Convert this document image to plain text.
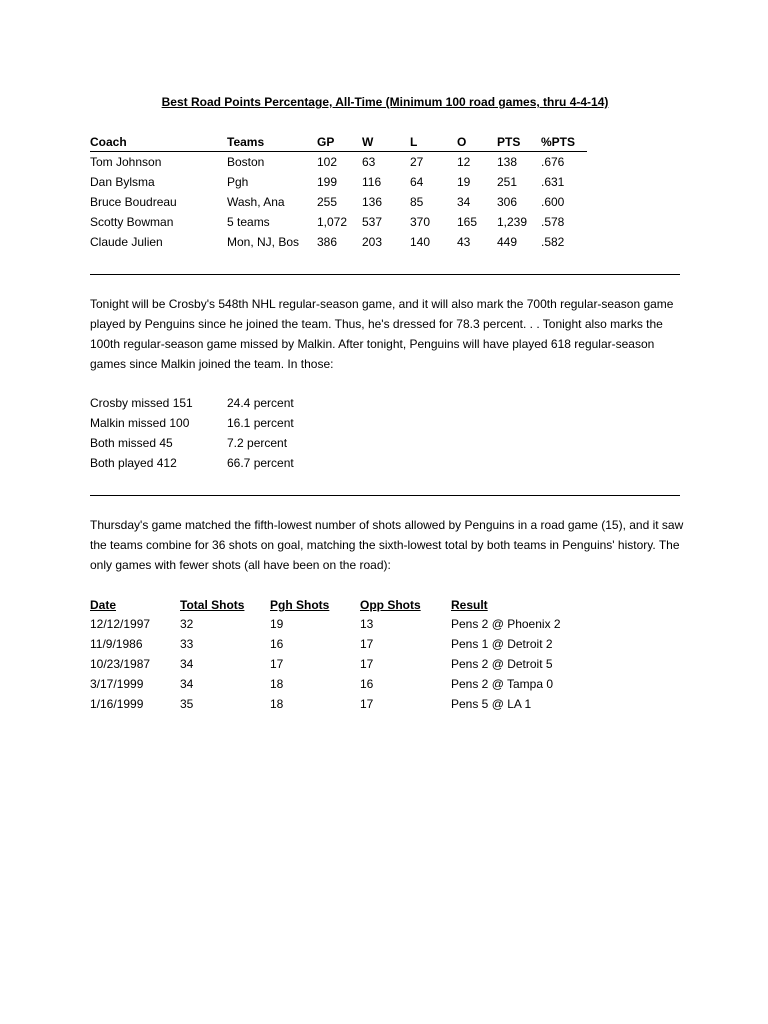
Best Road Points Percentage, All-Time (Minimum 100 road games, thru 4-4-14)
Coach	Teams	GP	W	L	O	PTS	%PTS
Tom Johnson	Boston	102	63	27	12	138	.676
Dan Bylsma	Pgh	199	116	64	19	251	.631
Bruce Boudreau	Wash, Ana	255	136	85	34	306	.600
Scotty Bowman	5 teams	1,072	537	370	165	1,239	.578
Claude Julien	Mon, NJ, Bos	386	203	140	43	449	.582
Tonight will be Crosby's 548th NHL regular-season game, and it will also mark the 700th regular-season game played by Penguins since he joined the team. Thus, he's dressed for 78.3 percent. . . Tonight also marks the 100th regular-season game missed by Malkin. After tonight, Penguins will have played 618 regular-season games since Malkin joined the team. In those:
Crosby missed 151	24.4 percent
Malkin missed 100	16.1 percent
Both missed 45	7.2 percent
Both played 412	66.7 percent
Thursday's game matched the fifth-lowest number of shots allowed by Penguins in a road game (15), and it saw the teams combine for 36 shots on goal, matching the sixth-lowest total by both teams in Penguins' history. The only games with fewer shots (all have been on the road):
Date	Total Shots	Pgh Shots	Opp Shots	Result
12/12/1997	32	19	13	Pens 2 @ Phoenix 2
11/9/1986	33	16	17	Pens 1 @ Detroit 2
10/23/1987	34	17	17	Pens 2 @ Detroit 5
3/17/1999	34	18	16	Pens 2 @ Tampa 0
1/16/1999	35	18	17	Pens 5 @ LA 1
